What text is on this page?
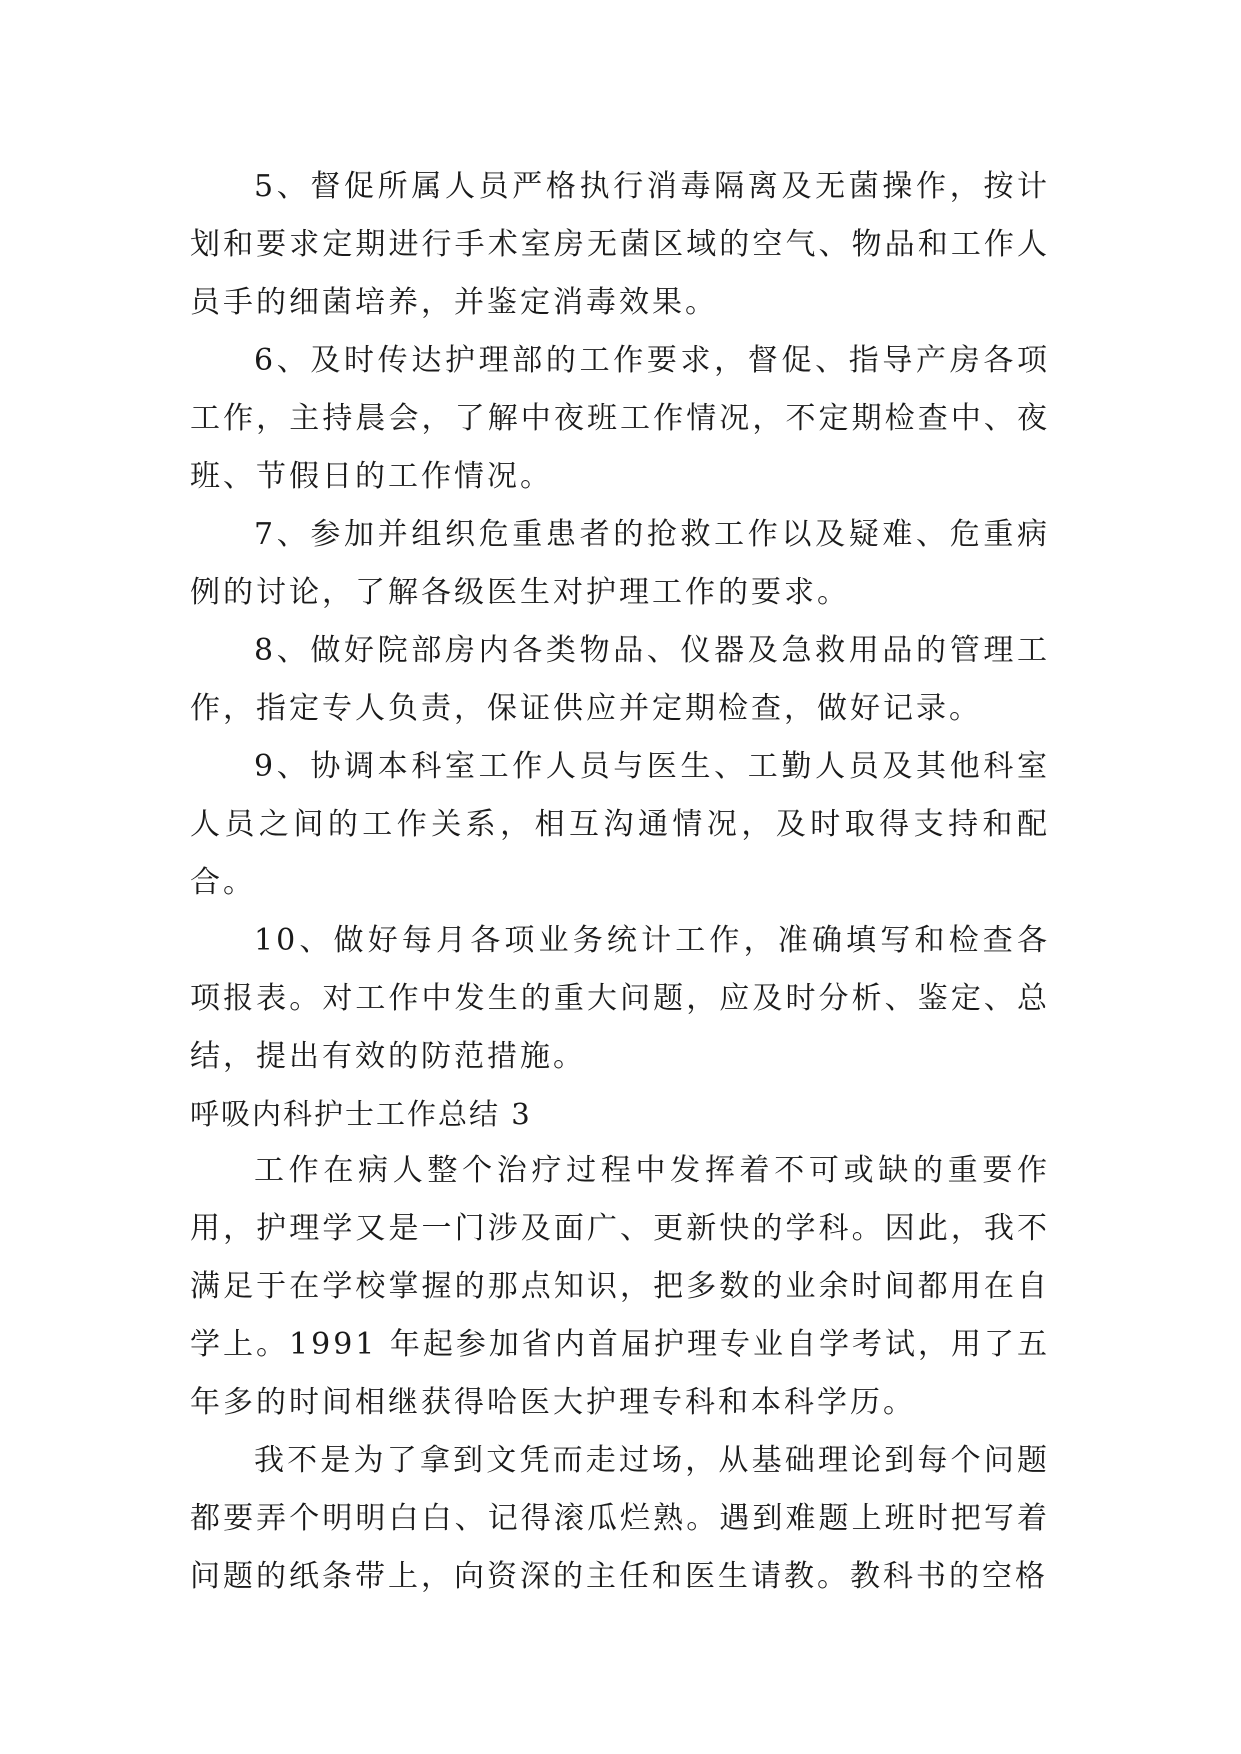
5、督促所属人员严格执行消毒隔离及无菌操作，按计划和要求定期进行手术室房无菌区域的空气、物品和工作人员手的细菌培养，并鉴定消毒效果。

6、及时传达护理部的工作要求，督促、指导产房各项工作，主持晨会，了解中夜班工作情况，不定期检查中、夜班、节假日的工作情况。

7、参加并组织危重患者的抢救工作以及疑难、危重病例的讨论，了解各级医生对护理工作的要求。

8、做好院部房内各类物品、仪器及急救用品的管理工作，指定专人负责，保证供应并定期检查，做好记录。

9、协调本科室工作人员与医生、工勤人员及其他科室人员之间的工作关系，相互沟通情况，及时取得支持和配合。

10、做好每月各项业务统计工作，准确填写和检查各项报表。对工作中发生的重大问题，应及时分析、鉴定、总结，提出有效的防范措施。

呼吸内科护士工作总结 3

工作在病人整个治疗过程中发挥着不可或缺的重要作用，护理学又是一门涉及面广、更新快的学科。因此，我不满足于在学校掌握的那点知识，把多数的业余时间都用在自学上。1991 年起参加省内首届护理专业自学考试，用了五年多的时间相继获得哈医大护理专科和本科学历。

我不是为了拿到文凭而走过场，从基础理论到每个问题都要弄个明明白白、记得滚瓜烂熟。遇到难题上班时把写着问题的纸条带上，向资深的主任和医生请教。教科书的空格
